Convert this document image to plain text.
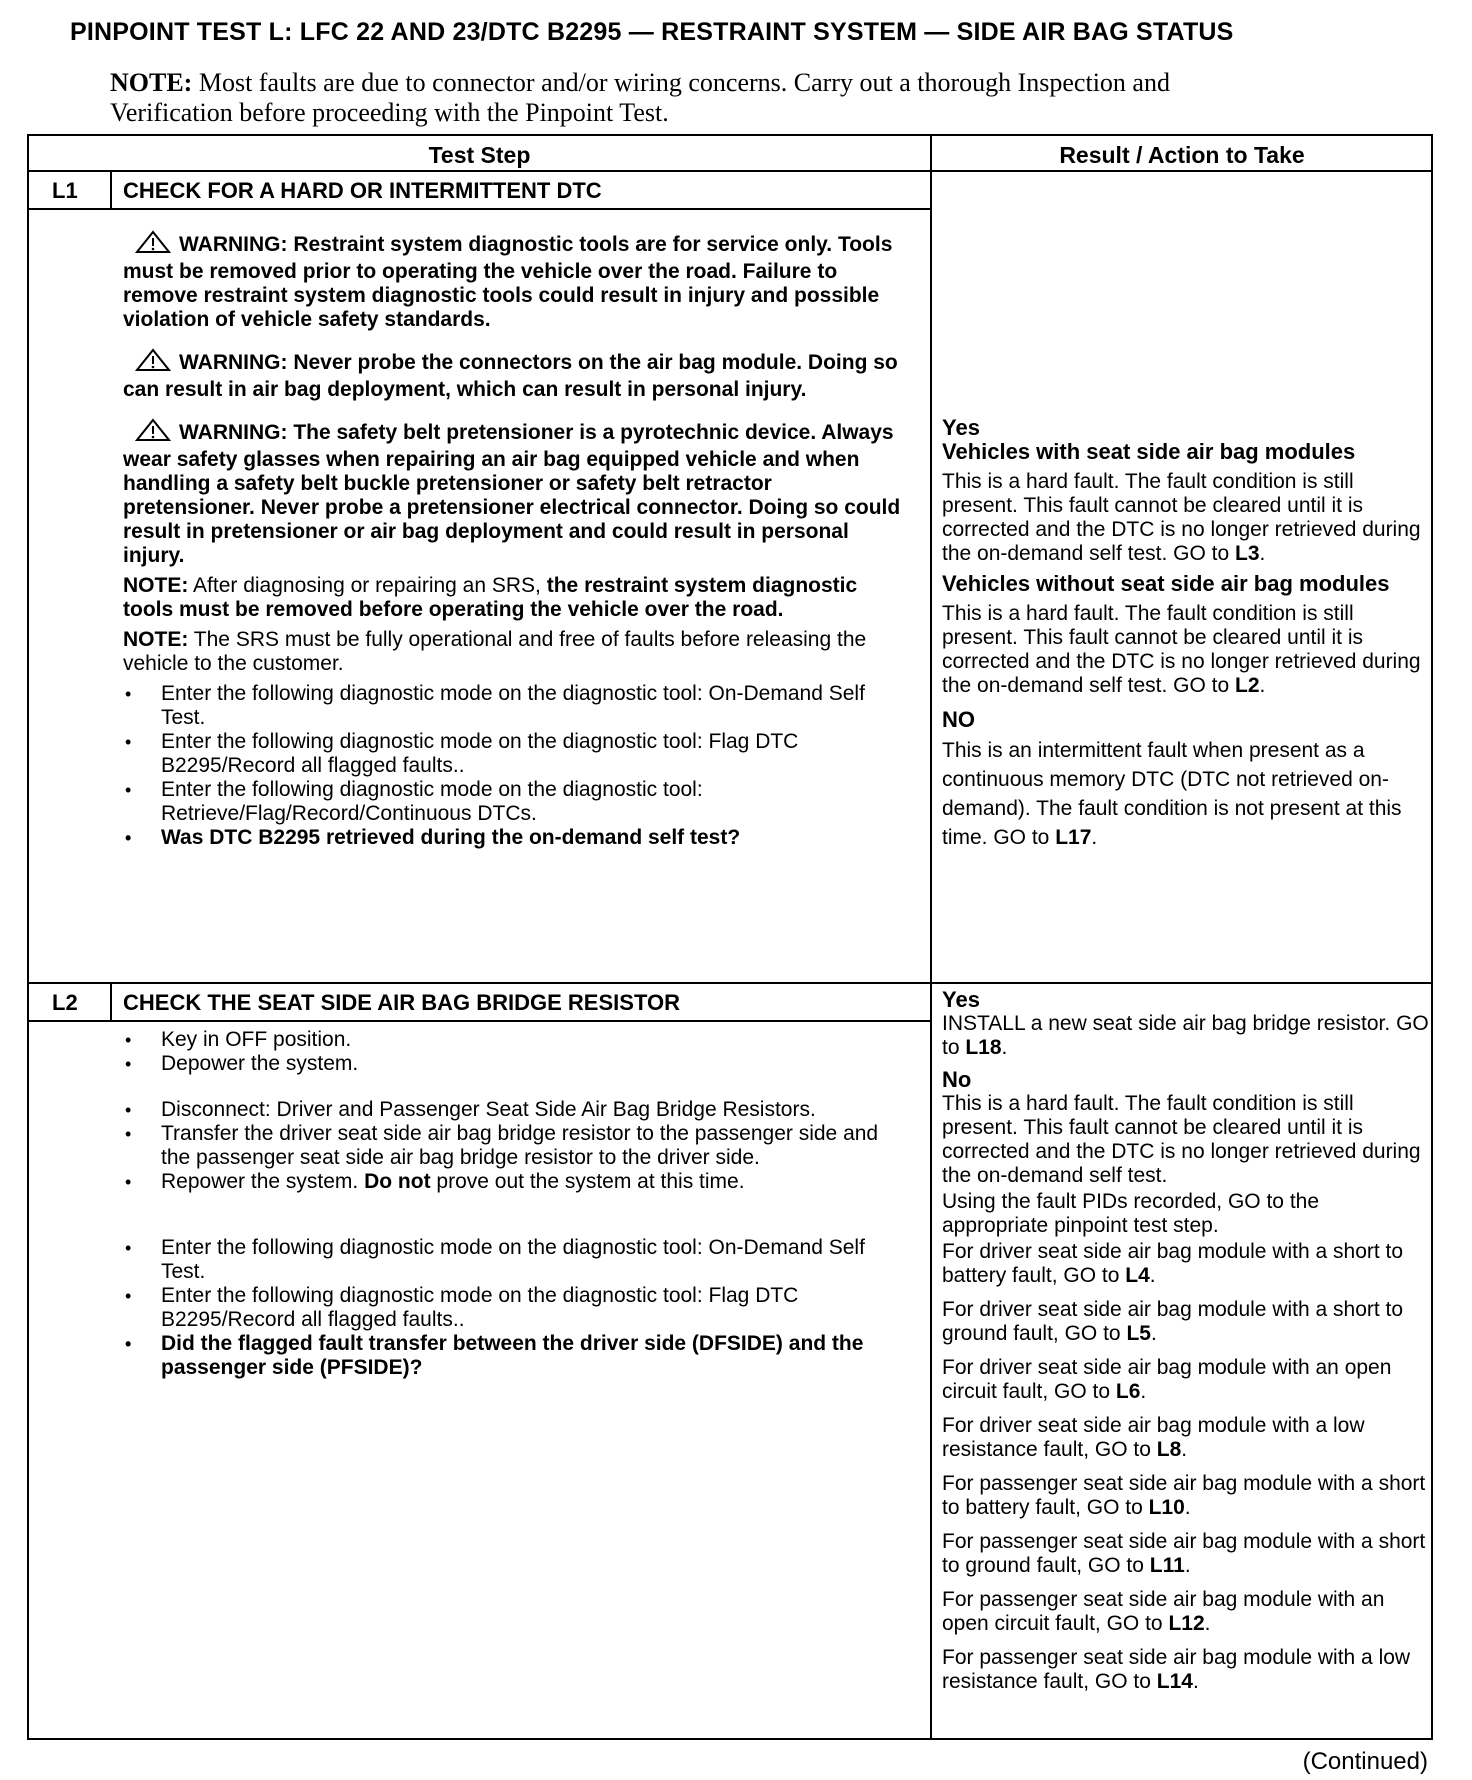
PINPOINT TEST L: LFC 22 AND 23/DTC B2295 — RESTRAINT SYSTEM — SIDE AIR BAG STATUS
NOTE: Most faults are due to connector and/or wiring concerns. Carry out a thorough Inspection and Verification before proceeding with the Pinpoint Test.
Test Step	Result / Action to Take
L1 CHECK FOR A HARD OR INTERMITTENT DTC

WARNING: Restraint system diagnostic tools are for service only. Tools must be removed prior to operating the vehicle over the road. Failure to remove restraint system diagnostic tools could result in injury and possible violation of vehicle safety standards.

WARNING: Never probe the connectors on the air bag module. Doing so can result in air bag deployment, which can result in personal injury.

WARNING: The safety belt pretensioner is a pyrotechnic device. Always wear safety glasses when repairing an air bag equipped vehicle and when handling a safety belt buckle pretensioner or safety belt retractor pretensioner. Never probe a pretensioner electrical connector. Doing so could result in pretensioner or air bag deployment and could result in personal injury.

NOTE: After diagnosing or repairing an SRS, the restraint system diagnostic tools must be removed before operating the vehicle over the road.

NOTE: The SRS must be fully operational and free of faults before releasing the vehicle to the customer.

• Enter the following diagnostic mode on the diagnostic tool: On-Demand Self Test.
• Enter the following diagnostic mode on the diagnostic tool: Flag DTC B2295/Record all flagged faults..
• Enter the following diagnostic mode on the diagnostic tool: Retrieve/Flag/Record/Continuous DTCs.
• Was DTC B2295 retrieved during the on-demand self test?
Yes
Vehicles with seat side air bag modules
This is a hard fault. The fault condition is still present. This fault cannot be cleared until it is corrected and the DTC is no longer retrieved during the on-demand self test. GO to L3.
Vehicles without seat side air bag modules
This is a hard fault. The fault condition is still present. This fault cannot be cleared until it is corrected and the DTC is no longer retrieved during the on-demand self test. GO to L2.
NO
This is an intermittent fault when present as a continuous memory DTC (DTC not retrieved on-demand). The fault condition is not present at this time. GO to L17.
L2 CHECK THE SEAT SIDE AIR BAG BRIDGE RESISTOR
• Key in OFF position.
• Depower the system.
• Disconnect: Driver and Passenger Seat Side Air Bag Bridge Resistors.
• Transfer the driver seat side air bag bridge resistor to the passenger side and the passenger seat side air bag bridge resistor to the driver side.
• Repower the system. Do not prove out the system at this time.
• Enter the following diagnostic mode on the diagnostic tool: On-Demand Self Test.
• Enter the following diagnostic mode on the diagnostic tool: Flag DTC B2295/Record all flagged faults..
• Did the flagged fault transfer between the driver side (DFSIDE) and the passenger side (PFSIDE)?
Yes
INSTALL a new seat side air bag bridge resistor. GO to L18.
No
This is a hard fault. The fault condition is still present. This fault cannot be cleared until it is corrected and the DTC is no longer retrieved during the on-demand self test.
Using the fault PIDs recorded, GO to the appropriate pinpoint test step.
For driver seat side air bag module with a short to battery fault, GO to L4.
For driver seat side air bag module with a short to ground fault, GO to L5.
For driver seat side air bag module with an open circuit fault, GO to L6.
For driver seat side air bag module with a low resistance fault, GO to L8.
For passenger seat side air bag module with a short to battery fault, GO to L10.
For passenger seat side air bag module with a short to ground fault, GO to L11.
For passenger seat side air bag module with an open circuit fault, GO to L12.
For passenger seat side air bag module with a low resistance fault, GO to L14.
(Continued)
